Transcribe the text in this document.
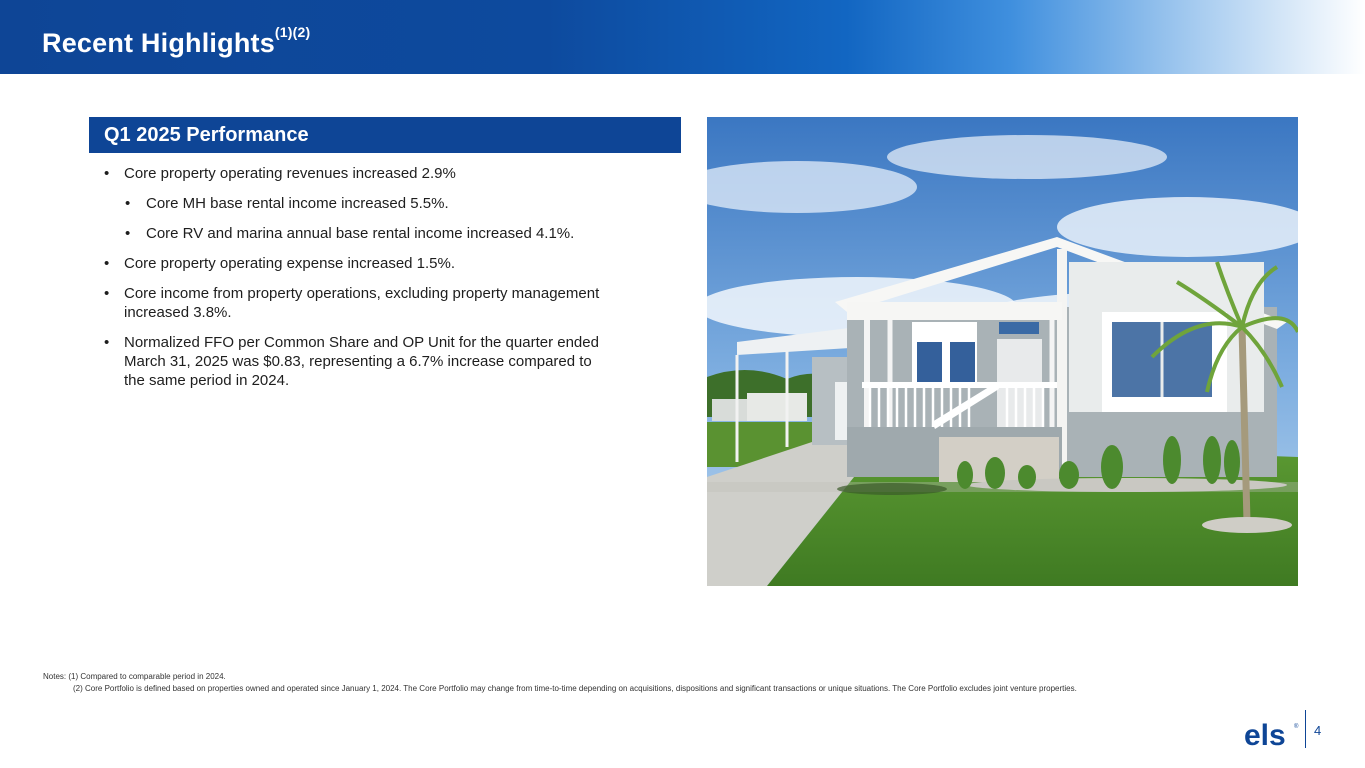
Recent Highlights$^{(1)(2)}$
Q1 2025 Performance
• Core property operating revenues increased 2.9%
• Core MH base rental income increased 5.5%.
• Core RV and marina annual base rental income increased 4.1%.
• Core property operating expense increased 1.5%.
• Core income from property operations, excluding property management
increased 3.8%.
• Normalized FFO per Common Share and OP Unit for the quarter ended
March 31, 2025 was $0.83, representing a 6.7% increase compared to
the same period in 2024.
Notes: (1) Compared to comparable period in 2024.
(2) Core Portfolio is defined based on properties owned and operated since January 1, 2024. The Core Portfolio may change from time-to-time depending on acquisitions, dispositions and significant transactions or unique situations. The Core Portfolio excludes joint venture properties.
els ® 4
